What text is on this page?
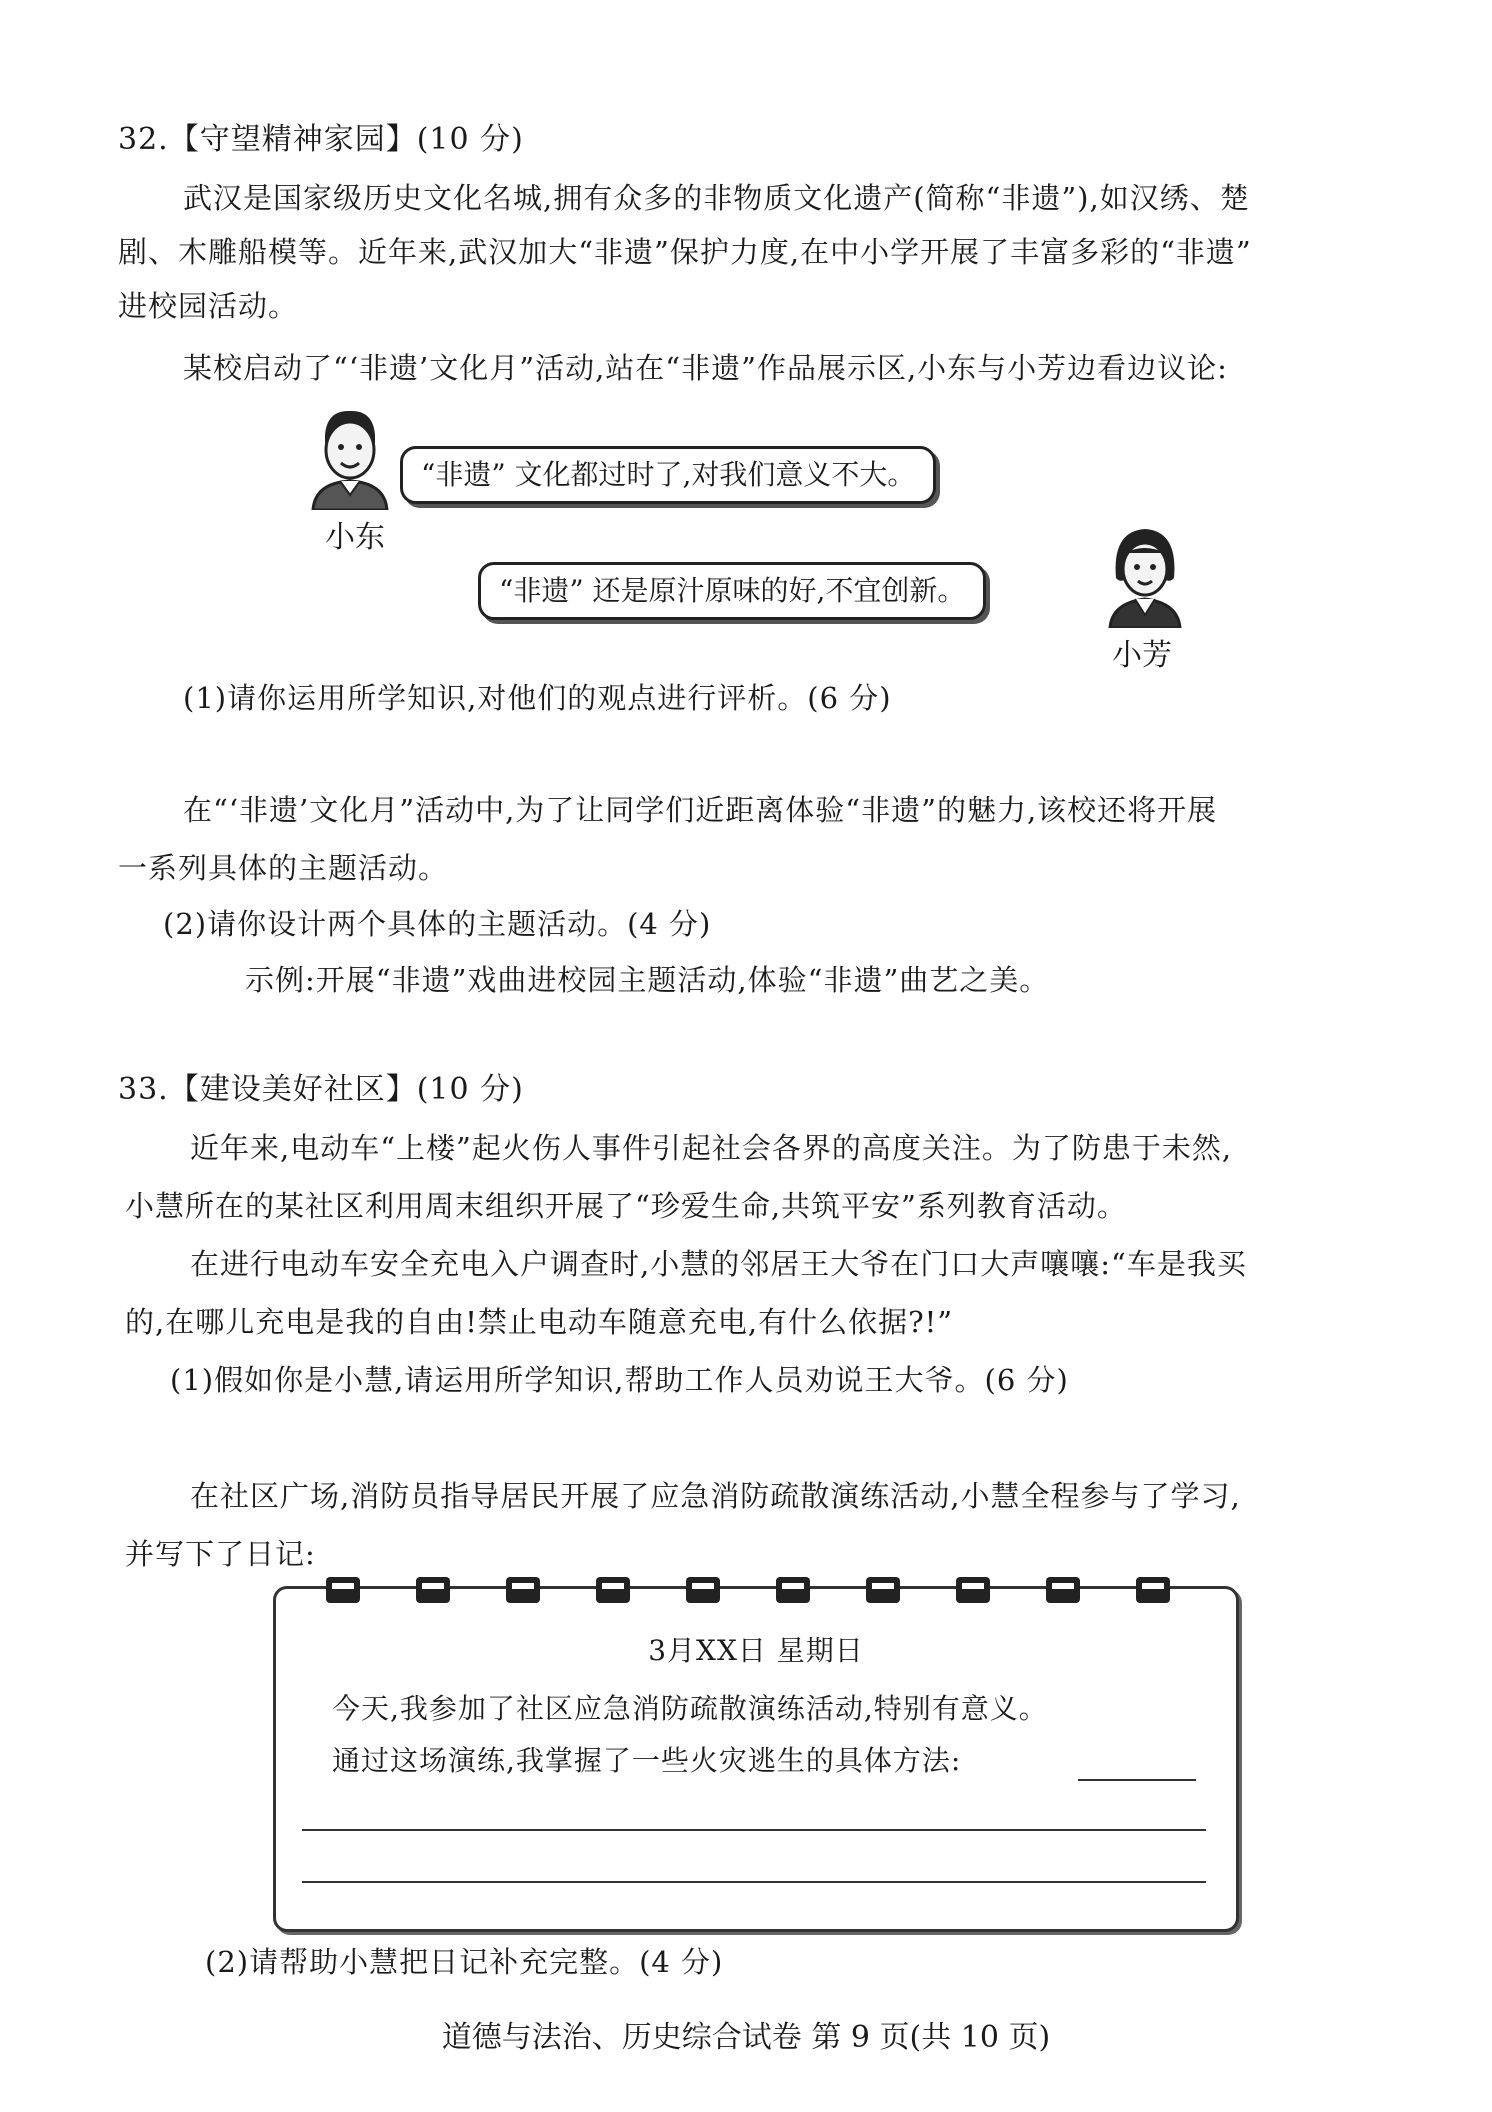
32.【守望精神家园】(10 分)
武汉是国家级历史文化名城,拥有众多的非物质文化遗产(简称“非遗”),如汉绣、楚
剧、木雕船模等。近年来,武汉加大“非遗”保护力度,在中小学开展了丰富多彩的“非遗”
进校园活动。
某校启动了“‘非遗’文化月”活动,站在“非遗”作品展示区,小东与小芳边看边议论:
小东
“非遗” 文化都过时了,对我们意义不大。
“非遗” 还是原汁原味的好,不宜创新。
小芳
(1)请你运用所学知识,对他们的观点进行评析。(6 分)
在“‘非遗’文化月”活动中,为了让同学们近距离体验“非遗”的魅力,该校还将开展
一系列具体的主题活动。
(2)请你设计两个具体的主题活动。(4 分)
示例:开展“非遗”戏曲进校园主题活动,体验“非遗”曲艺之美。
33.【建设美好社区】(10 分)
近年来,电动车“上楼”起火伤人事件引起社会各界的高度关注。为了防患于未然,
小慧所在的某社区利用周末组织开展了“珍爱生命,共筑平安”系列教育活动。
在进行电动车安全充电入户调查时,小慧的邻居王大爷在门口大声嚷嚷:“车是我买
的,在哪儿充电是我的自由!禁止电动车随意充电,有什么依据?!”
(1)假如你是小慧,请运用所学知识,帮助工作人员劝说王大爷。(6 分)
在社区广场,消防员指导居民开展了应急消防疏散演练活动,小慧全程参与了学习,
并写下了日记:
3月XX日 星期日
今天,我参加了社区应急消防疏散演练活动,特别有意义。
通过这场演练,我掌握了一些火灾逃生的具体方法:
(2)请帮助小慧把日记补充完整。(4 分)
道德与法治、历史综合试卷 第 9 页(共 10 页)
